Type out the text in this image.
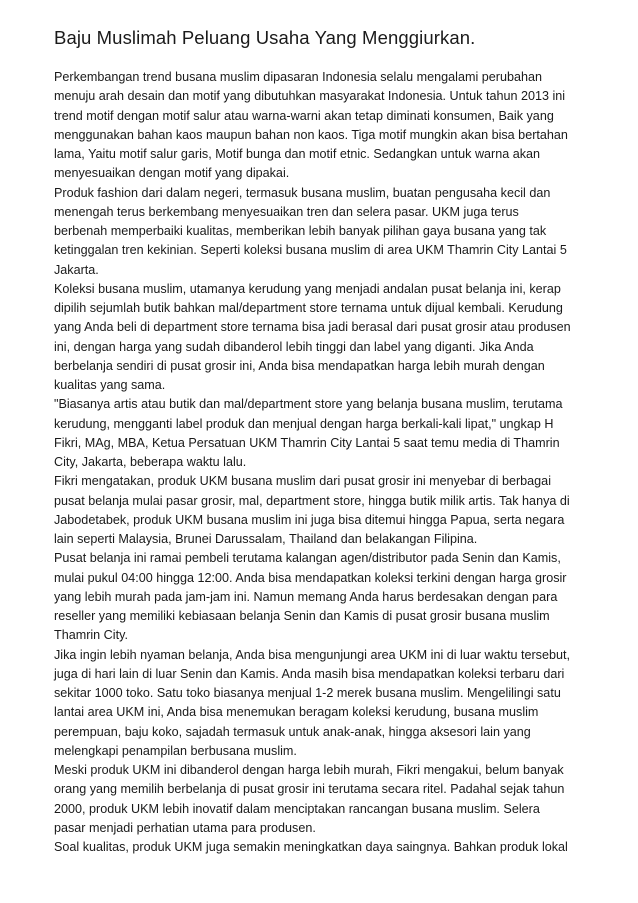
Baju Muslimah Peluang Usaha Yang Menggiurkan.
Perkembangan trend busana muslim dipasaran Indonesia selalu mengalami perubahan
menuju arah desain dan motif yang dibutuhkan masyarakat Indonesia. Untuk tahun 2013 ini
trend motif dengan motif salur atau warna-warni akan tetap diminati konsumen, Baik yang
menggunakan bahan kaos maupun bahan non kaos. Tiga motif mungkin akan bisa bertahan
lama, Yaitu motif salur garis, Motif bunga dan motif etnic. Sedangkan untuk warna akan
menyesuaikan dengan motif yang dipakai.
Produk fashion dari dalam negeri, termasuk busana muslim, buatan pengusaha kecil dan
menengah terus berkembang menyesuaikan tren dan selera pasar. UKM juga terus
berbenah memperbaiki kualitas, memberikan lebih banyak pilihan gaya busana yang tak
ketinggalan tren kekinian. Seperti koleksi busana muslim di area UKM Thamrin City Lantai 5
Jakarta.
Koleksi busana muslim, utamanya kerudung yang menjadi andalan pusat belanja ini, kerap
dipilih sejumlah butik bahkan mal/department store ternama untuk dijual kembali. Kerudung
yang Anda beli di department store ternama bisa jadi berasal dari pusat grosir atau produsen
ini, dengan harga yang sudah dibanderol lebih tinggi dan label yang diganti. Jika Anda
berbelanja sendiri di pusat grosir ini, Anda bisa mendapatkan harga lebih murah dengan
kualitas yang sama.
"Biasanya artis atau butik dan mal/department store yang belanja busana muslim, terutama
kerudung, mengganti label produk dan menjual dengan harga berkali-kali lipat," ungkap H
Fikri, MAg, MBA, Ketua Persatuan UKM Thamrin City Lantai 5 saat temu media di Thamrin
City, Jakarta, beberapa waktu lalu.
Fikri mengatakan, produk UKM busana muslim dari pusat grosir ini menyebar di berbagai
pusat belanja mulai pasar grosir, mal, department store, hingga butik milik artis. Tak hanya di
Jabodetabek, produk UKM busana muslim ini juga bisa ditemui hingga Papua, serta negara
lain seperti Malaysia, Brunei Darussalam, Thailand dan belakangan Filipina.
Pusat belanja ini ramai pembeli terutama kalangan agen/distributor pada Senin dan Kamis,
mulai pukul 04:00 hingga 12:00. Anda bisa mendapatkan koleksi terkini dengan harga grosir
yang lebih murah pada jam-jam ini. Namun memang Anda harus berdesakan dengan para
reseller yang memiliki kebiasaan belanja Senin dan Kamis di pusat grosir busana muslim
Thamrin City.
Jika ingin lebih nyaman belanja, Anda bisa mengunjungi area UKM ini di luar waktu tersebut,
juga di hari lain di luar Senin dan Kamis. Anda masih bisa mendapatkan koleksi terbaru dari
sekitar 1000 toko. Satu toko biasanya menjual 1-2 merek busana muslim. Mengelilingi satu
lantai area UKM ini, Anda bisa menemukan beragam koleksi kerudung, busana muslim
perempuan, baju koko, sajadah termasuk untuk anak-anak, hingga aksesori lain yang
melengkapi penampilan berbusana muslim.
Meski produk UKM ini dibanderol dengan harga lebih murah, Fikri mengakui, belum banyak
orang yang memilih berbelanja di pusat grosir ini terutama secara ritel. Padahal sejak tahun
2000, produk UKM lebih inovatif dalam menciptakan rancangan busana muslim. Selera
pasar menjadi perhatian utama para produsen.
Soal kualitas, produk UKM juga semakin meningkatkan daya saingnya. Bahkan produk lokal
